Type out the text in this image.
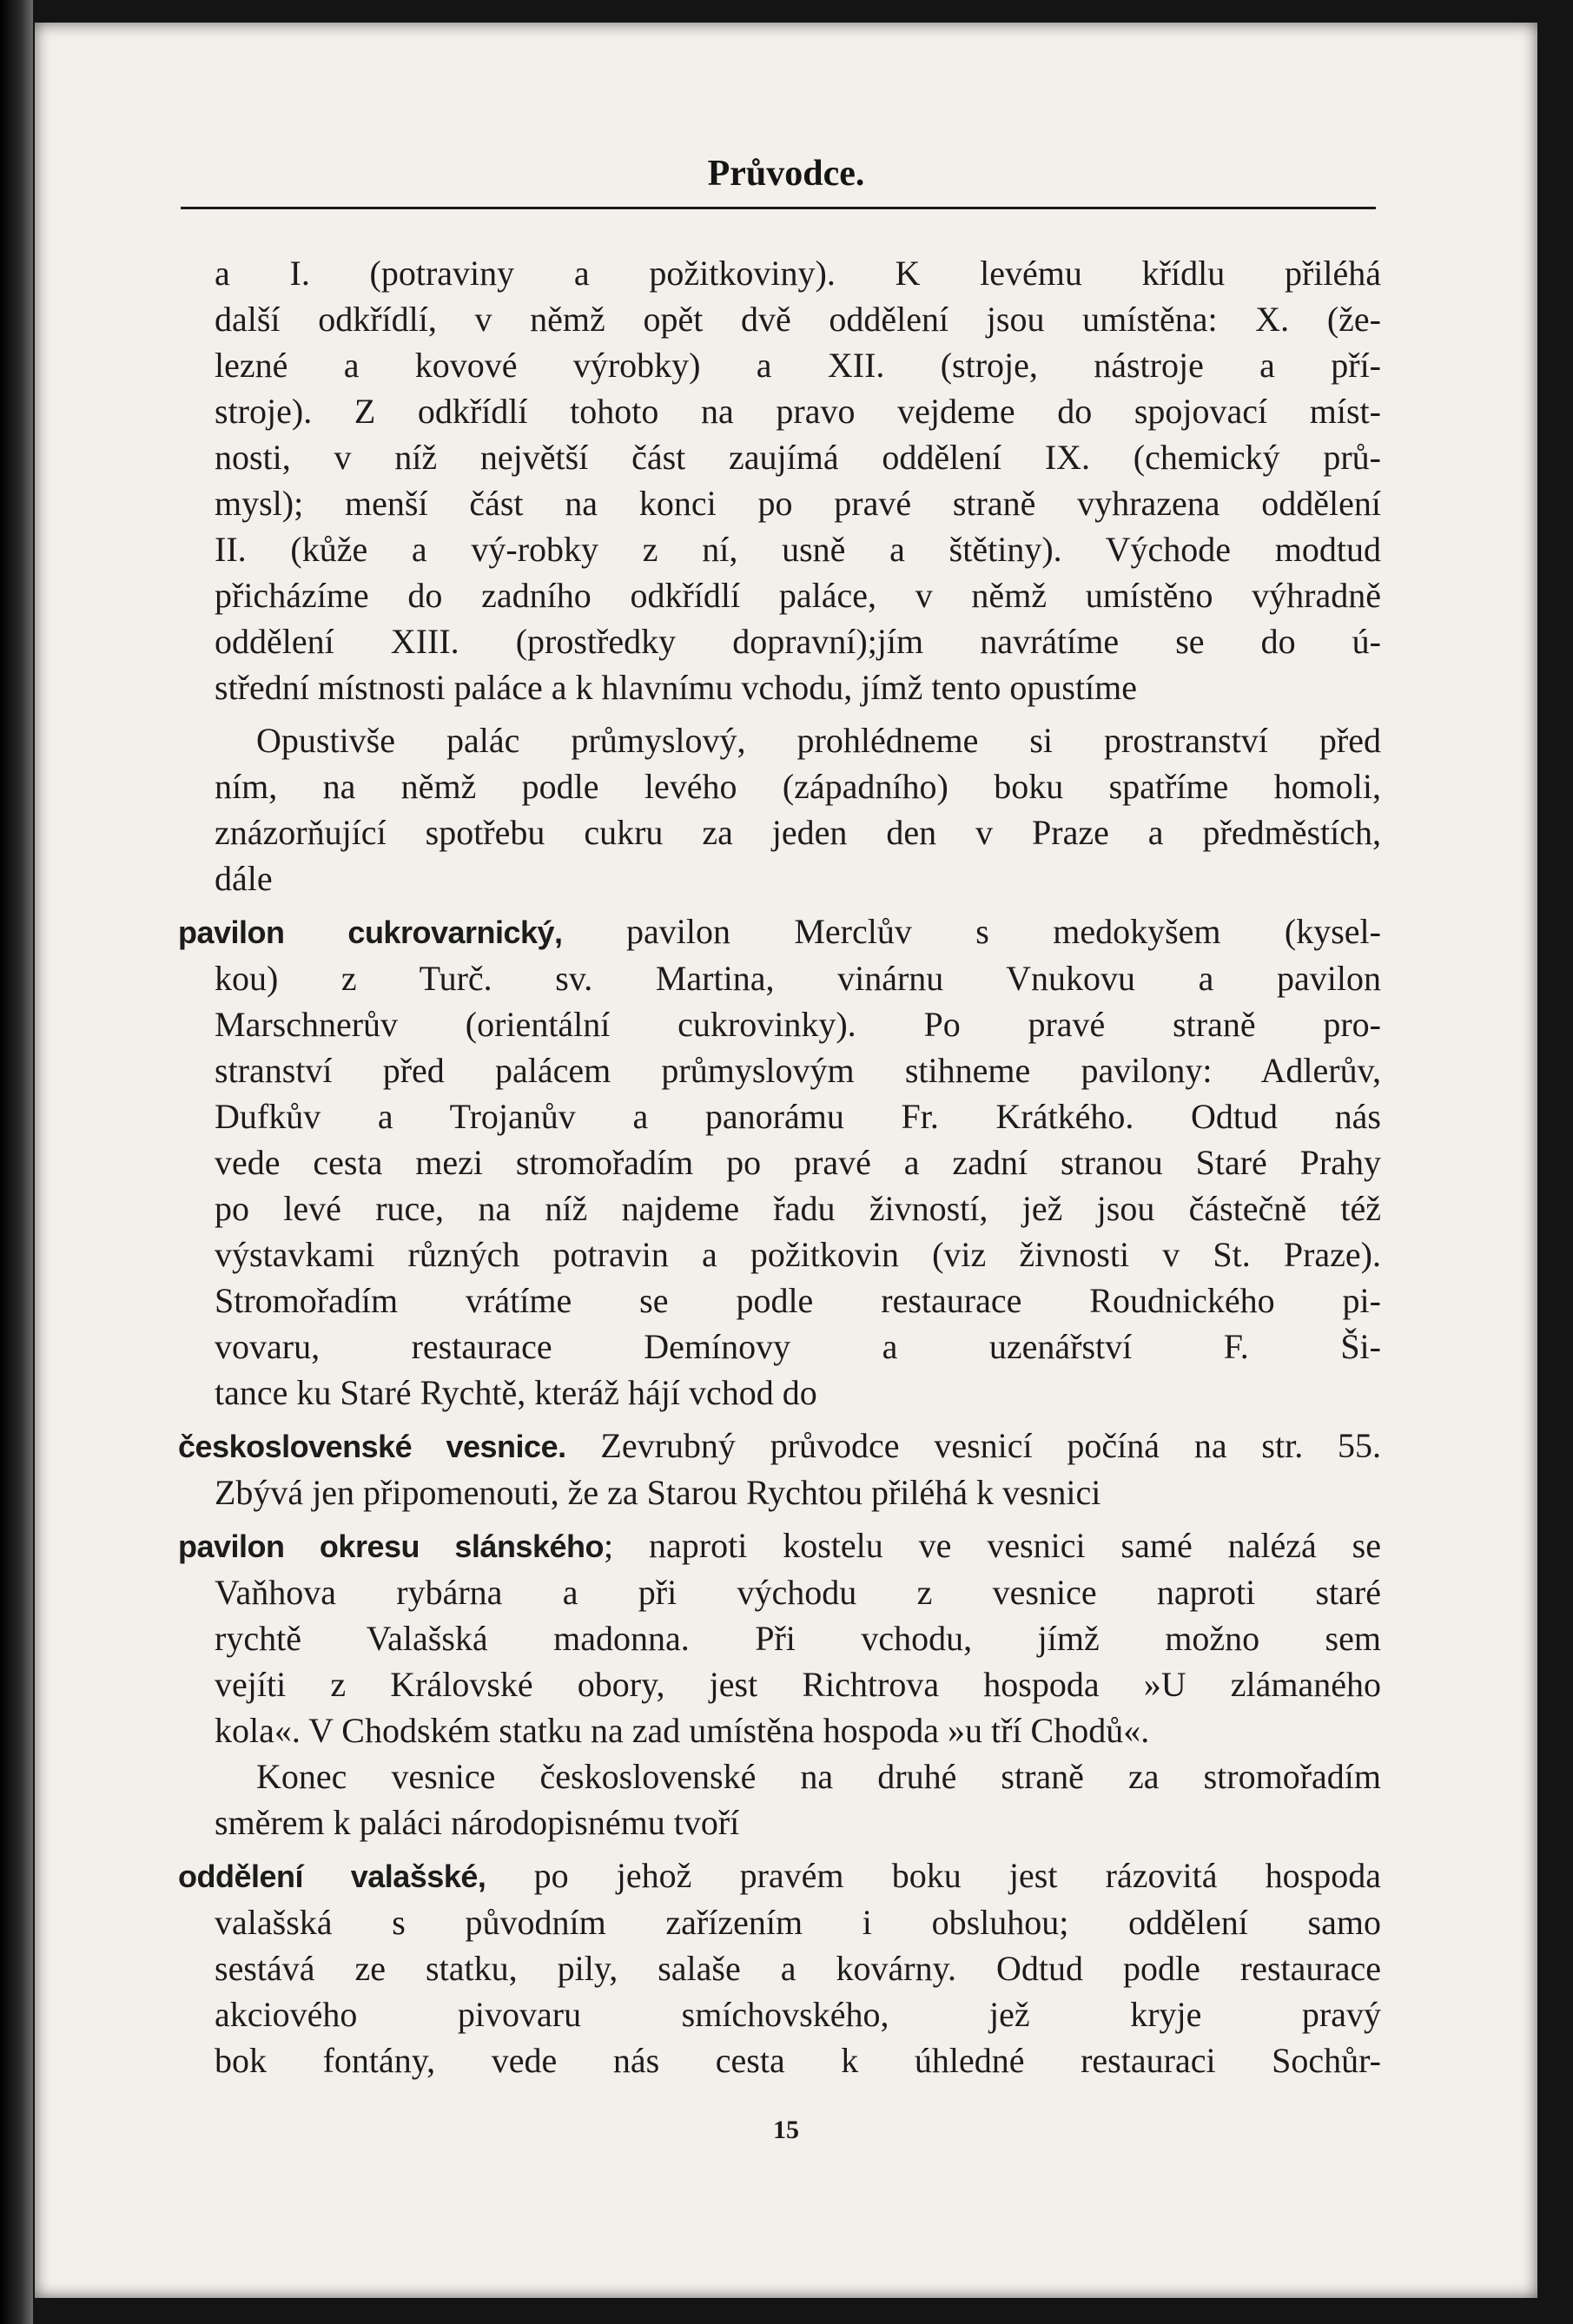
Průvodce.
a I. (potraviny a požitkoviny). K levému křídlu přiléhá
další odkřídlí, v němž opět dvě oddělení jsou umístěna: X. (že-
lezné a kovové výrobky) a XII. (stroje, nástroje a pří-
stroje). Z odkřídlí tohoto na pravo vejdeme do spojovací míst-
nosti, v níž největší část zaujímá oddělení IX. (chemický prů-
mysl); menší část na konci po pravé straně vyhrazena oddělení
II. (kůže a vý-robky z ní, usně a štětiny). Východe modtud
přicházíme do zadního odkřídlí paláce, v němž umístěno výhradně
oddělení XIII. (prostředky dopravní);jím navrátíme se do ú-
střední místnosti paláce a k hlavnímu vchodu, jímž tento opustíme
Opustivše palác průmyslový, prohlédneme si prostranství před
ním, na němž podle levého (západního) boku spatříme homoli,
znázorňující spotřebu cukru za jeden den v Praze a předměstích,
dále
pavilon cukrovarnický, pavilon Merclův s medokyšem (kysel-
kou) z Turč. sv. Martina, vinárnu Vnukovu a pavilon
Marschnerův (orientální cukrovinky). Po pravé straně pro-
stranství před palácem průmyslovým stihneme pavilony: Adlerův,
Dufkův a Trojanův a panorámu Fr. Krátkého. Odtud nás
vede cesta mezi stromořadím po pravé a zadní stranou Staré Prahy
po levé ruce, na níž najdeme řadu živností, jež jsou částečně též
výstavkami různých potravin a požitkovin (viz živnosti v St. Praze).
Stromořadím vrátíme se podle restaurace Roudnického pi-
vovaru, restaurace Demínovy a uzenářství F. Ši-
tance ku Staré Rychtě, kteráž hájí vchod do
československé vesnice. Zevrubný průvodce vesnicí počíná na str. 55.
Zbývá jen připomenouti, že za Starou Rychtou přiléhá k vesnici
pavilon okresu slánského; naproti kostelu ve vesnici samé nalézá se
Vaňhova rybárna a při východu z vesnice naproti staré
rychtě Valašská madonna. Při vchodu, jímž možno sem
vejíti z Královské obory, jest Richtrova hospoda »U zlámaného
kola«. V Chodském statku na zad umístěna hospoda »u tří Chodů«.
Konec vesnice československé na druhé straně za stromořadím
směrem k paláci národopisnému tvoří
oddělení valašské, po jehož pravém boku jest rázovitá hospoda
valašská s původním zařízením i obsluhou; oddělení samo
sestává ze statku, pily, salaše a kovárny. Odtud podle restaurace
akciového pivovaru smíchovského, jež kryje pravý
bok fontány, vede nás cesta k úhledné restauraci Sochůr-
15
